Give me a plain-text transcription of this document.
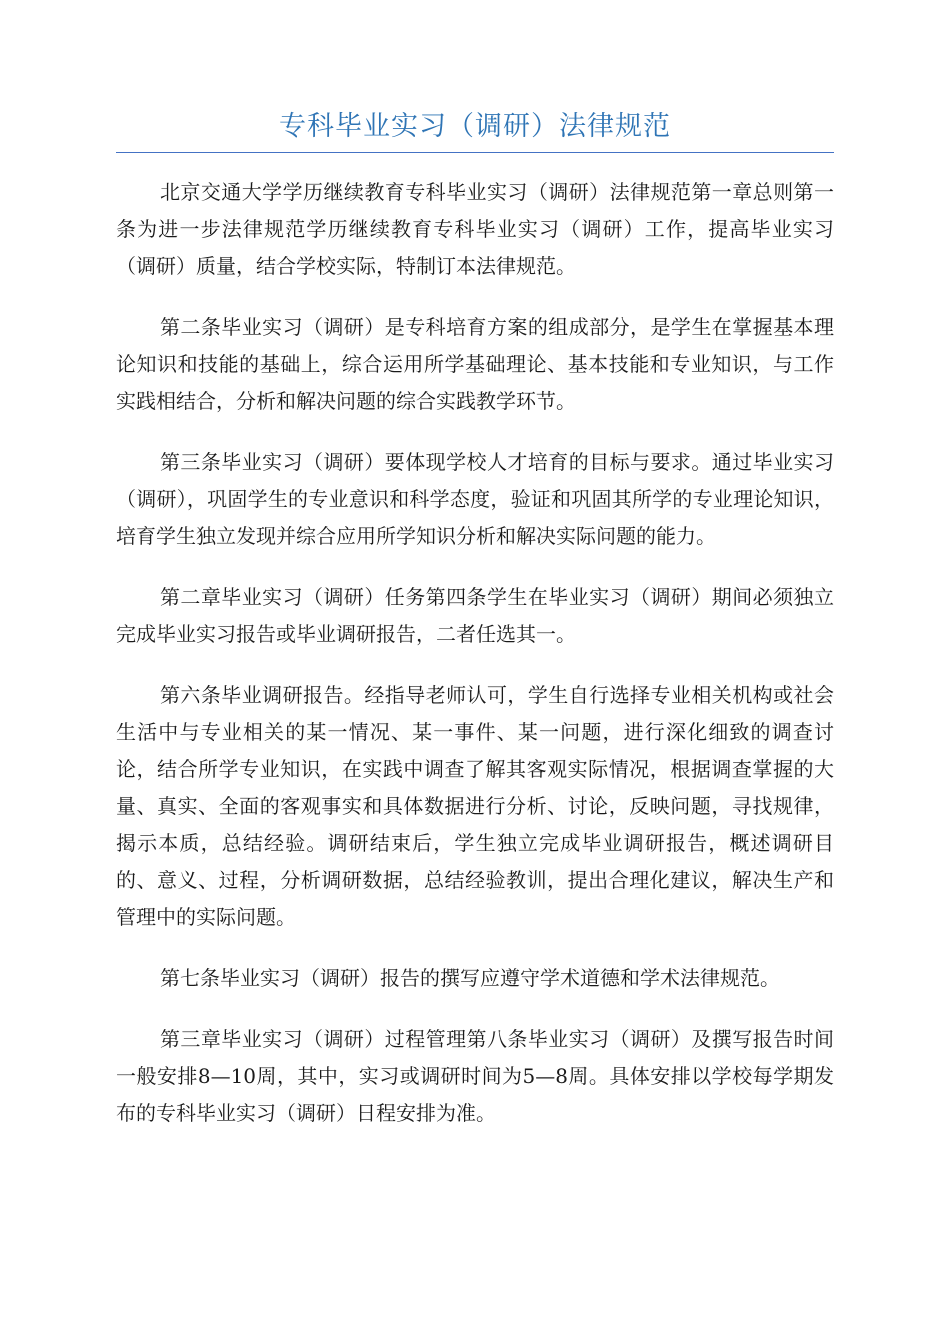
专科毕业实习（调研）法律规范

北京交通大学学历继续教育专科毕业实习（调研）法律规范第一章总则第一条为进一步法律规范学历继续教育专科毕业实习（调研）工作，提高毕业实习（调研）质量，结合学校实际，特制订本法律规范。

第二条毕业实习（调研）是专科培育方案的组成部分，是学生在掌握基本理论知识和技能的基础上，综合运用所学基础理论、基本技能和专业知识，与工作实践相结合，分析和解决问题的综合实践教学环节。

第三条毕业实习（调研）要体现学校人才培育的目标与要求。通过毕业实习（调研），巩固学生的专业意识和科学态度，验证和巩固其所学的专业理论知识，培育学生独立发现并综合应用所学知识分析和解决实际问题的能力。

第二章毕业实习（调研）任务第四条学生在毕业实习（调研）期间必须独立完成毕业实习报告或毕业调研报告，二者任选其一。

第六条毕业调研报告。经指导老师认可，学生自行选择专业相关机构或社会生活中与专业相关的某一情况、某一事件、某一问题，进行深化细致的调查讨论，结合所学专业知识，在实践中调查了解其客观实际情况，根据调查掌握的大量、真实、全面的客观事实和具体数据进行分析、讨论，反映问题，寻找规律，揭示本质，总结经验。调研结束后，学生独立完成毕业调研报告，概述调研目的、意义、过程，分析调研数据，总结经验教训，提出合理化建议，解决生产和管理中的实际问题。

第七条毕业实习（调研）报告的撰写应遵守学术道德和学术法律规范。

第三章毕业实习（调研）过程管理第八条毕业实习（调研）及撰写报告时间一般安排8—10周，其中，实习或调研时间为5—8周。具体安排以学校每学期发布的专科毕业实习（调研）日程安排为准。
